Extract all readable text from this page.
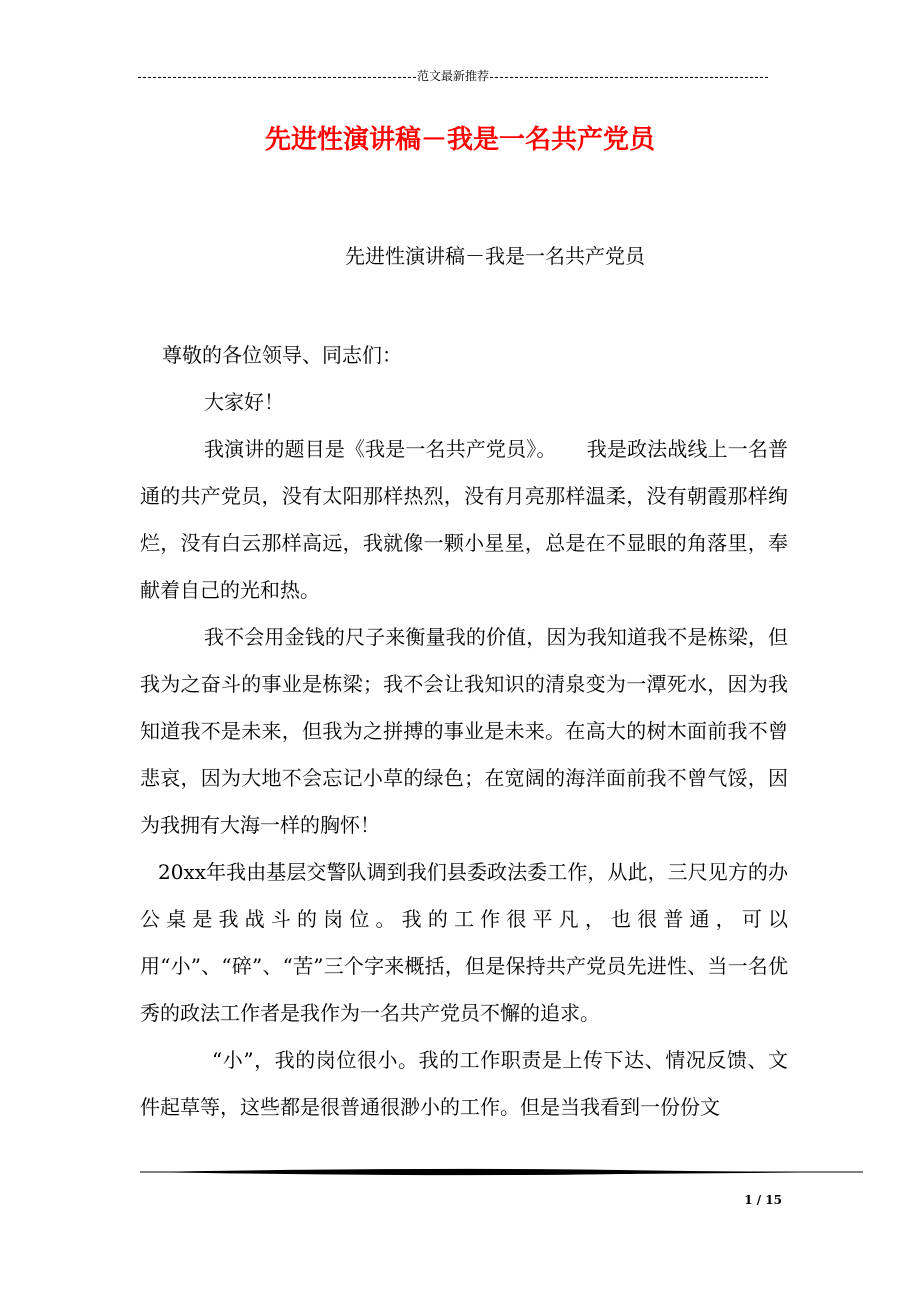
范文最新推荐
先进性演讲稿－我是一名共产党员
先进性演讲稿－我是一名共产党员

尊敬的各位领导、同志们：

大家好！

我演讲的题目是《我是一名共产党员》。　　我是政法战线上一名普通的共产党员，没有太阳那样热烈，没有月亮那样温柔，没有朝霞那样绚烂，没有白云那样高远，我就像一颗小星星，总是在不显眼的角落里，奉献着自己的光和热。

我不会用金钱的尺子来衡量我的价值，因为我知道我不是栋梁，但我为之奋斗的事业是栋梁；我不会让我知识的清泉变为一潭死水，因为我知道我不是未来，但我为之拼搏的事业是未来。在高大的树木面前我不曾悲哀，因为大地不会忘记小草的绿色；在宽阔的海洋面前我不曾气馁，因为我拥有大海一样的胸怀！

20xx年我由基层交警队调到我们县委政法委工作，从此，三尺见方的办公桌是我战斗的岗位。我的工作很平凡，也很普通，可以用“小”、“碎”、“苦”三个字来概括，但是保持共产党员先进性、当一名优秀的政法工作者是我作为一名共产党员不懈的追求。

“小”，我的岗位很小。我的工作职责是上传下达、情况反馈、文件起草等，这些都是很普通很渺小的工作。但是当我看到一份份文

1 / 15
